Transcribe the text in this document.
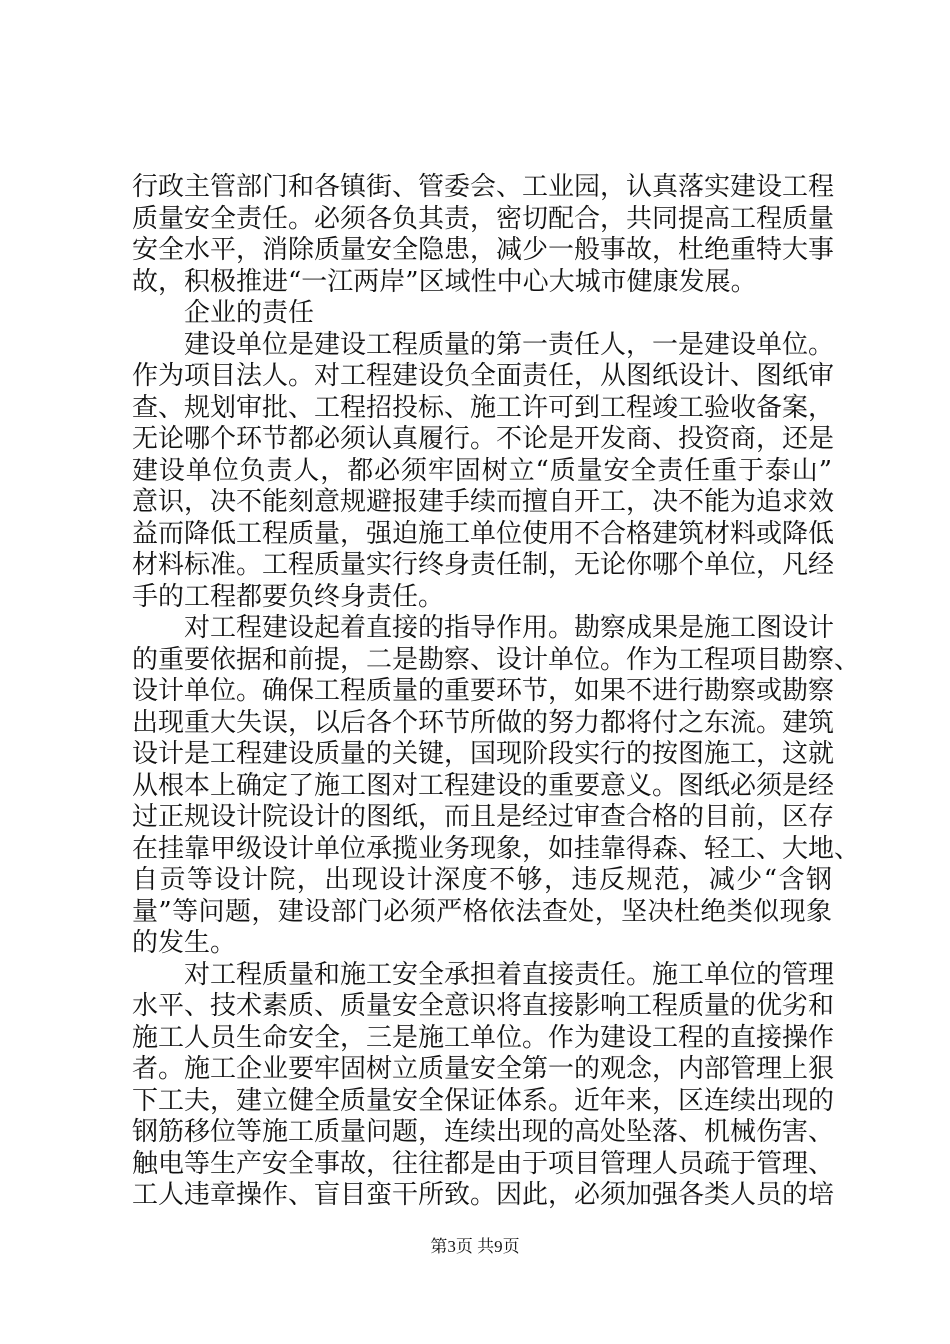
行政主管部门和各镇街、管委会、工业园，认真落实建设工程
质量安全责任。必须各负其责，密切配合，共同提高工程质量
安全水平，消除质量安全隐患，减少一般事故，杜绝重特大事
故，积极推进“一江两岸”区域性中心大城市健康发展。
　　企业的责任
　　建设单位是建设工程质量的第一责任人，一是建设单位。
作为项目法人。对工程建设负全面责任，从图纸设计、图纸审
查、规划审批、工程招投标、施工许可到工程竣工验收备案，
无论哪个环节都必须认真履行。不论是开发商、投资商，还是
建设单位负责人，都必须牢固树立“质量安全责任重于泰山”
意识，决不能刻意规避报建手续而擅自开工，决不能为追求效
益而降低工程质量，强迫施工单位使用不合格建筑材料或降低
材料标准。工程质量实行终身责任制，无论你哪个单位，凡经
手的工程都要负终身责任。
　　对工程建设起着直接的指导作用。勘察成果是施工图设计
的重要依据和前提，二是勘察、设计单位。作为工程项目勘察、
设计单位。确保工程质量的重要环节，如果不进行勘察或勘察
出现重大失误，以后各个环节所做的努力都将付之东流。建筑
设计是工程建设质量的关键，国现阶段实行的按图施工，这就
从根本上确定了施工图对工程建设的重要意义。图纸必须是经
过正规设计院设计的图纸，而且是经过审查合格的目前，区存
在挂靠甲级设计单位承揽业务现象，如挂靠得森、轻工、大地、
自贡等设计院，出现设计深度不够，违反规范，减少“含钢
量”等问题，建设部门必须严格依法查处，坚决杜绝类似现象
的发生。
　　对工程质量和施工安全承担着直接责任。施工单位的管理
水平、技术素质、质量安全意识将直接影响工程质量的优劣和
施工人员生命安全，三是施工单位。作为建设工程的直接操作
者。施工企业要牢固树立质量安全第一的观念，内部管理上狠
下工夫，建立健全质量安全保证体系。近年来，区连续出现的
钢筋移位等施工质量问题，连续出现的高处坠落、机械伤害、
触电等生产安全事故，往往都是由于项目管理人员疏于管理、
工人违章操作、盲目蛮干所致。因此，必须加强各类人员的培
第3页 共9页
